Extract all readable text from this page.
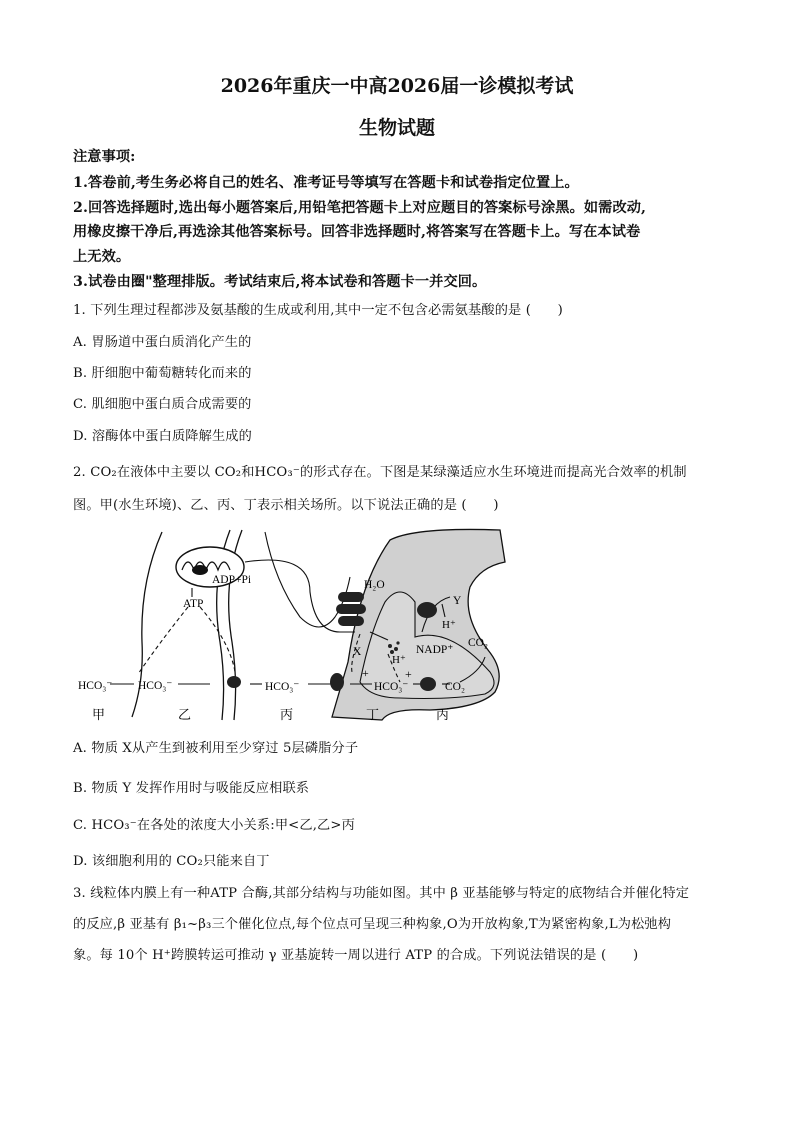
2026年重庆一中高2026届一诊模拟考试
生物试题
注意事项:
1.答卷前,考生务必将自己的姓名、准考证号等填写在答题卡和试卷指定位置上。
2.回答选择题时,选出每小题答案后,用铅笔把答题卡上对应题目的答案标号涂黑。如需改动,
用橡皮擦干净后,再选涂其他答案标号。回答非选择题时,将答案写在答题卡上。写在本试卷
上无效。
3.试卷由圈"整理排版。考试结束后,将本试卷和答题卡一并交回。
1. 下列生理过程都涉及氨基酸的生成或利用,其中一定不包含必需氨基酸的是 (　　)
A. 胃肠道中蛋白质消化产生的
B. 肝细胞中葡萄糖转化而来的
C. 肌细胞中蛋白质合成需要的
D. 溶酶体中蛋白质降解生成的
2. CO₂在液体中主要以 CO₂和HCO₃⁻的形式存在。下图是某绿藻适应水生环境进而提高光合效率的机制
图。甲(水生环境)、乙、丙、丁表示相关场所。以下说法正确的是 (　　)
ADP+Pi
ATP
H₂O
Y
H⁺
X
H⁺
NADP⁺
CO₂
+	+
HCO₃⁻ HCO₃⁻	HCO₃⁻	HCO₃⁻	CO₂
甲	乙	丙	丁	丙
A. 物质 X从产生到被利用至少穿过 5层磷脂分子
B. 物质 Y 发挥作用时与吸能反应相联系
C. HCO₃⁻在各处的浓度大小关系:甲<乙,乙>丙
D. 该细胞利用的 CO₂只能来自丁
3. 线粒体内膜上有一种ATP 合酶,其部分结构与功能如图。其中 β 亚基能够与特定的底物结合并催化特定
的反应,β 亚基有 β₁~β₃三个催化位点,每个位点可呈现三种构象,O为开放构象,T为紧密构象,L为松弛构
象。每 10个 H⁺跨膜转运可推动 γ 亚基旋转一周以进行 ATP 的合成。下列说法错误的是 (　　)
